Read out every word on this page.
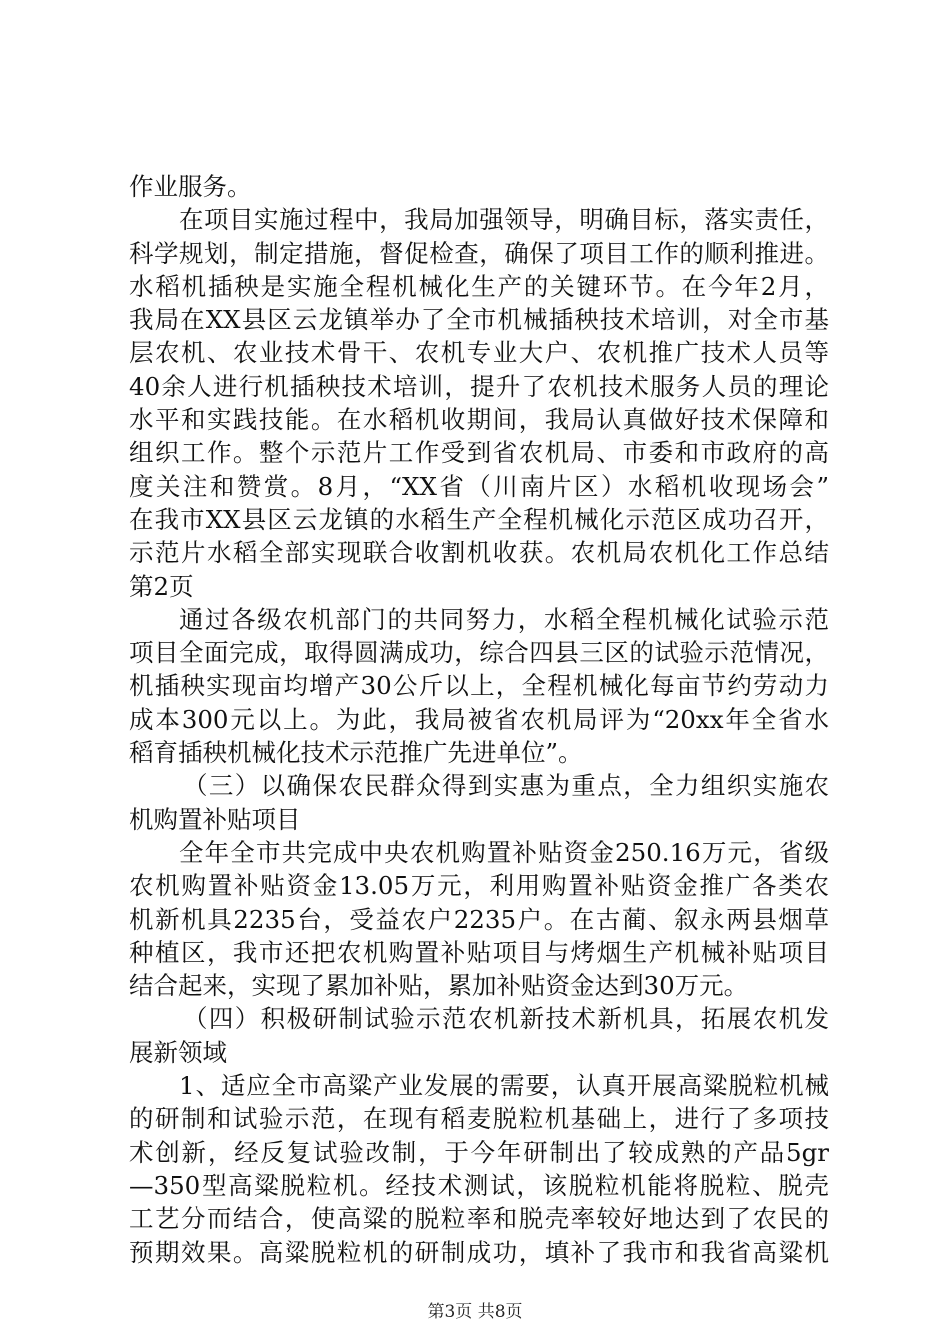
作业服务。
在项目实施过程中，我局加强领导，明确目标，落实责任，
科学规划，制定措施，督促检查，确保了项目工作的顺利推进。
水稻机插秧是实施全程机械化生产的关键环节。在今年2月，
我局在XX县区云龙镇举办了全市机械插秧技术培训，对全市基
层农机、农业技术骨干、农机专业大户、农机推广技术人员等
40余人进行机插秧技术培训，提升了农机技术服务人员的理论
水平和实践技能。在水稻机收期间，我局认真做好技术保障和
组织工作。整个示范片工作受到省农机局、市委和市政府的高
度关注和赞赏。8月，“XX省（川南片区）水稻机收现场会”
在我市XX县区云龙镇的水稻生产全程机械化示范区成功召开，
示范片水稻全部实现联合收割机收获。农机局农机化工作总结
第2页
通过各级农机部门的共同努力，水稻全程机械化试验示范
项目全面完成，取得圆满成功，综合四县三区的试验示范情况，
机插秧实现亩均增产30公斤以上，全程机械化每亩节约劳动力
成本300元以上。为此，我局被省农机局评为“20xx年全省水
稻育插秧机械化技术示范推广先进单位”。
（三）以确保农民群众得到实惠为重点，全力组织实施农
机购置补贴项目
全年全市共完成中央农机购置补贴资金250.16万元，省级
农机购置补贴资金13.05万元，利用购置补贴资金推广各类农
机新机具2235台，受益农户2235户。在古蔺、叙永两县烟草
种植区，我市还把农机购置补贴项目与烤烟生产机械补贴项目
结合起来，实现了累加补贴，累加补贴资金达到30万元。
（四）积极研制试验示范农机新技术新机具，拓展农机发
展新领域
1、适应全市高粱产业发展的需要，认真开展高粱脱粒机械
的研制和试验示范，在现有稻麦脱粒机基础上，进行了多项技
术创新，经反复试验改制，于今年研制出了较成熟的产品5gr
—350型高粱脱粒机。经技术测试，该脱粒机能将脱粒、脱壳
工艺分而结合，使高粱的脱粒率和脱壳率较好地达到了农民的
预期效果。高粱脱粒机的研制成功，填补了我市和我省高粱机
第3页 共8页
